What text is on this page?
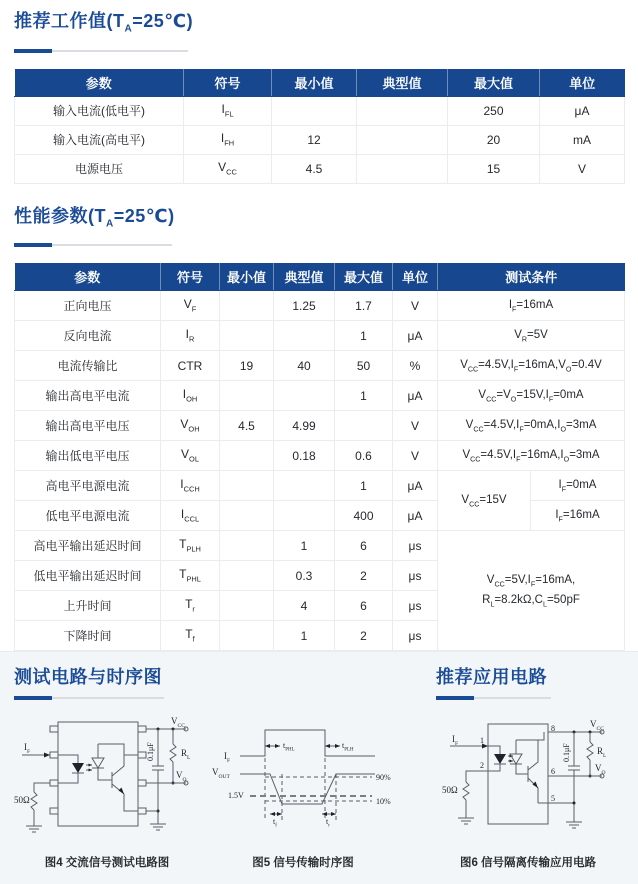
推荐工作值$(T_A=25℃)$
参数	符号	最小值	典型值	最大值	单位
输入电流(低电平)	$I_{FL}$			250	μA
输入电流(高电平)	$I_{FH}$	12		20	mA
电源电压	$V_{CC}$	4.5		15	V
性能参数$(T_A=25℃)$
参数	符号	最小值	典型值	最大值	单位	测试条件	
正向电压	$V_F$		1.25	1.7	V	$I_F=16mA$	
反向电流	$I_R$			1	μA	$V_R=5V$	
电流传输比	CTR	19	40	50	%	$V_{CC}=4.5V,I_F=16mA,V_O=0.4V$	
输出高电平电流	$I_{OH}$			1	μA	$V_{CC}=V_O=15V,I_F=0mA$	
输出高电平电压	$V_{OH}$	4.5	4.99		V	$V_{CC}=4.5V,I_F=0mA,I_O=3mA$	
输出低电平电压	$V_{OL}$		0.18	0.6	V	$V_{CC}=4.5V,I_F=16mA,I_O=3mA$	
高电平电源电流	$I_{CCH}$			1	μA	$V_{CC}=15V$	$I_F=0mA$
低电平电源电流	$I_{CCL}$			400	μA		$I_F=16mA$
高电平输出延迟时间	$T_{PLH}$		1	6	μs	$V_{CC}=5V,I_F=16mA$,
$R_L=8.2k\Omega,C_L=50pF$	

低电平输出延迟时间	$T_{PHL}$		0.3	2	μs		
上升时间	$T_r$		4	6	μs		
下降时间	$T_f$		1	2	μs		
测试电路与时序图
$I_F$
50Ω
$V_{CC}$
0.1μF	$R_L$
$V_O$
图4 交流信号测试电路图
$I_F$
$V_{OUT}$
$t_{PHL}$
$t_{PLH}$
1.5V
90%
10%
$t_f$
$t_r$
图5 信号传输时序图
推荐应用电路
$I_F$	1
2
50Ω
8
6
5
$V_{CC}$
0.1μF	$R_L$
$V_O$
图6 信号隔离传输应用电路
